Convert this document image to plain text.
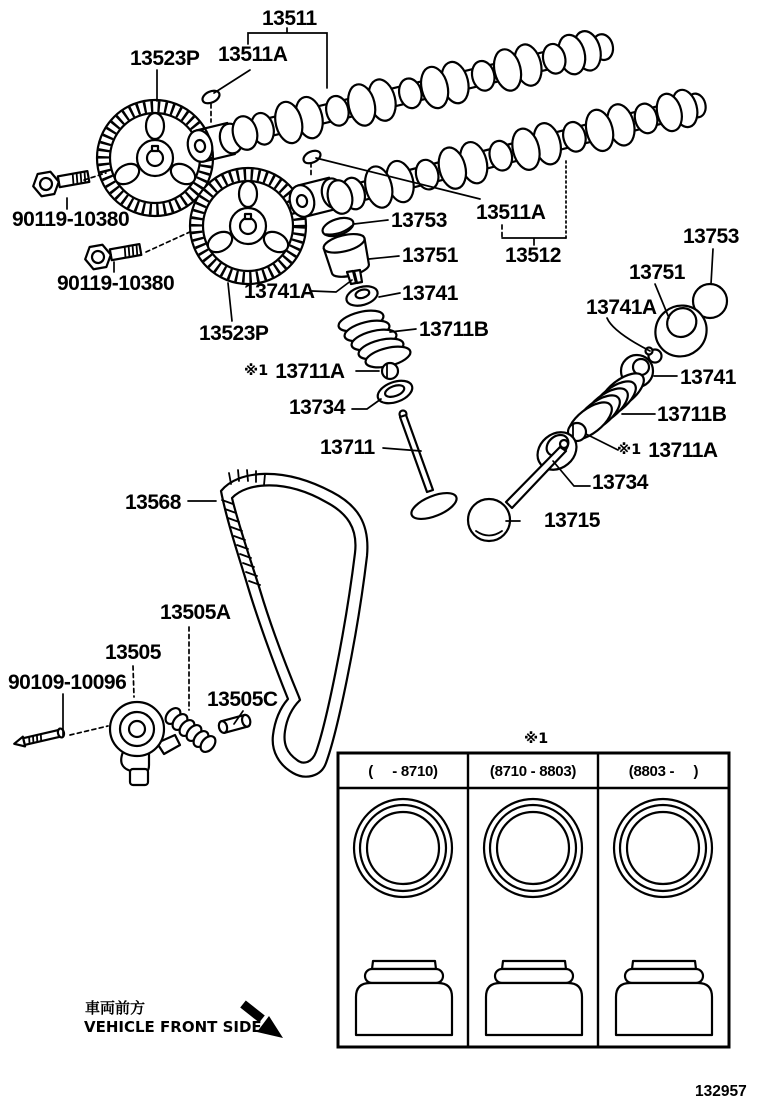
13511
13511A
13523P
90119-10380
90119-10380
13523P
13753
13751
13741A	13741
13711B
※1 13711A
13734
13711
13511A
13512
13753
13751
13741A
13741
13711B
※1 13711A
13734
13715
13568
13505A
13505
90109-10096
13505C
※1
(     - 8710)	(8710 - 8803)	(8803 -     )
車両前方
VEHICLE FRONT SIDE
132957
